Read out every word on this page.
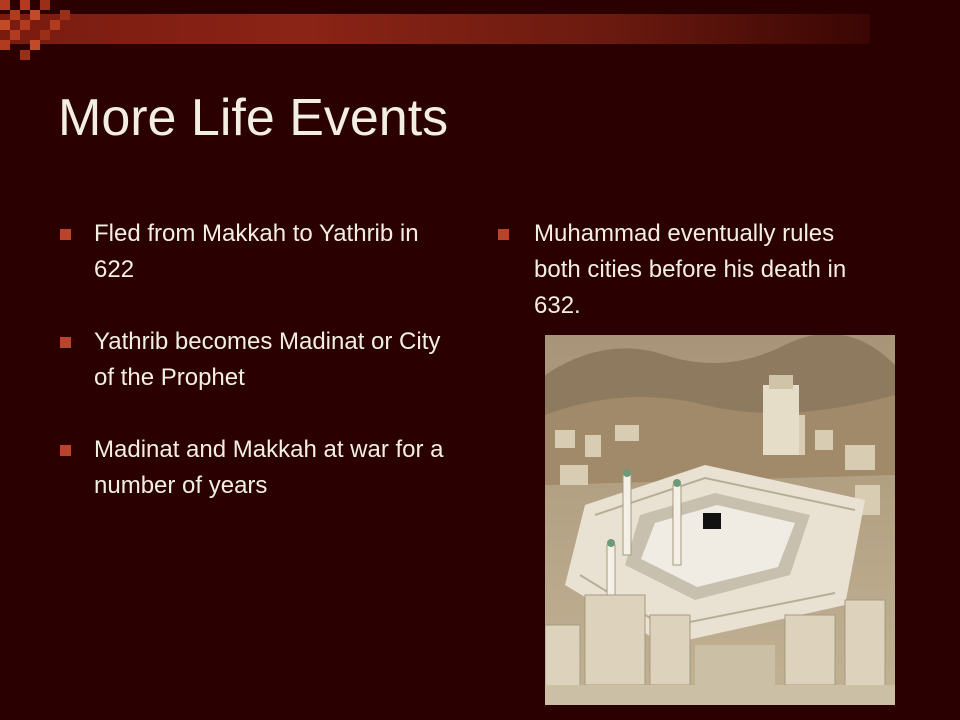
More Life Events
Fled from Makkah to Yathrib in 622
Yathrib becomes Madinat or City of the Prophet
Madinat and Makkah at war for a number of years
Muhammad eventually rules both cities before his death in 632.
